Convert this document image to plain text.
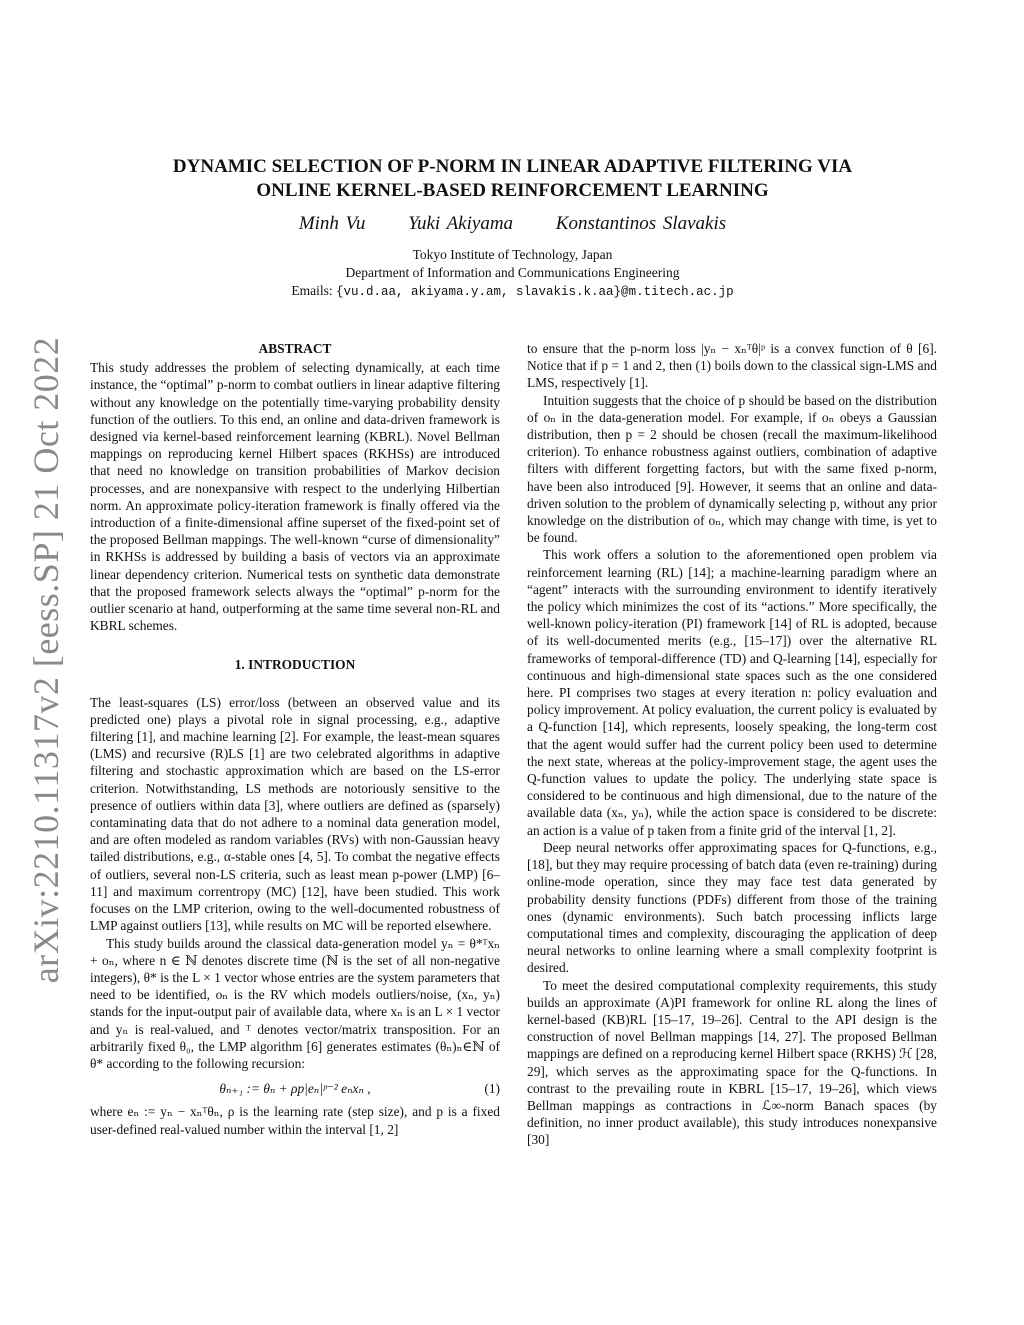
arXiv:2210.11317v2 [eess.SP] 21 Oct 2022
DYNAMIC SELECTION OF P-NORM IN LINEAR ADAPTIVE FILTERING VIA
ONLINE KERNEL-BASED REINFORCEMENT LEARNING
Minh Vu Yuki Akiyama Konstantinos Slavakis
Tokyo Institute of Technology, Japan
Department of Information and Communications Engineering
Emails: {vu.d.aa, akiyama.y.am, slavakis.k.aa}@m.titech.ac.jp
ABSTRACT

This study addresses the problem of selecting dynamically, at each time instance, the “optimal” p-norm to combat outliers in linear adaptive filtering without any knowledge on the potentially time-varying probability density function of the outliers. To this end, an online and data-driven framework is designed via kernel-based reinforcement learning (KBRL). Novel Bellman mappings on reproducing kernel Hilbert spaces (RKHSs) are introduced that need no knowledge on transition probabilities of Markov decision processes, and are nonexpansive with respect to the underlying Hilbertian norm. An approximate policy-iteration framework is finally offered via the introduction of a finite-dimensional affine superset of the fixed-point set of the proposed Bellman mappings. The well-known “curse of dimensionality” in RKHSs is addressed by building a basis of vectors via an approximate linear dependency criterion. Numerical tests on synthetic data demonstrate that the proposed framework selects always the “optimal” p-norm for the outlier scenario at hand, outperforming at the same time several non-RL and KBRL schemes.

1. INTRODUCTION

The least-squares (LS) error/loss (between an observed value and its predicted one) plays a pivotal role in signal processing, e.g., adaptive filtering [1], and machine learning [2]. For example, the least-mean squares (LMS) and recursive (R)LS [1] are two celebrated algorithms in adaptive filtering and stochastic approximation which are based on the LS-error criterion. Notwithstanding, LS methods are notoriously sensitive to the presence of outliers within data [3], where outliers are defined as (sparsely) contaminating data that do not adhere to a nominal data generation model, and are often modeled as random variables (RVs) with non-Gaussian heavy tailed distributions, e.g., α-stable ones [4, 5]. To combat the negative effects of outliers, several non-LS criteria, such as least mean p-power (LMP) [6–11] and maximum correntropy (MC) [12], have been studied. This work focuses on the LMP criterion, owing to the well-documented robustness of LMP against outliers [13], while results on MC will be reported elsewhere.

This study builds around the classical data-generation model yₙ = θ*ᵀxₙ + oₙ, where n ∈ ℕ denotes discrete time (ℕ is the set of all non-negative integers), θ* is the L × 1 vector whose entries are the system parameters that need to be identified, oₙ is the RV which models outliers/noise, (xₙ, yₙ) stands for the input-output pair of available data, where xₙ is an L × 1 vector and yₙ is real-valued, and ᵀ denotes vector/matrix transposition. For an arbitrarily fixed θ₀, the LMP algorithm [6] generates estimates (θₙ)ₙ∈ℕ of θ* according to the following recursion:

θₙ₊₁ := θₙ + ρp|eₙ|ᵖ⁻² eₙxₙ ,	(1)

where eₙ := yₙ − xₙᵀθₙ, ρ is the learning rate (step size), and p is a fixed user-defined real-valued number within the interval [1, 2]

to ensure that the p-norm loss |yₙ − xₙᵀθ|ᵖ is a convex function of θ [6]. Notice that if p = 1 and 2, then (1) boils down to the classical sign-LMS and LMS, respectively [1].

Intuition suggests that the choice of p should be based on the distribution of oₙ in the data-generation model. For example, if oₙ obeys a Gaussian distribution, then p = 2 should be chosen (recall the maximum-likelihood criterion). To enhance robustness against outliers, combination of adaptive filters with different forgetting factors, but with the same fixed p-norm, have been also introduced [9]. However, it seems that an online and data-driven solution to the problem of dynamically selecting p, without any prior knowledge on the distribution of oₙ, which may change with time, is yet to be found.

This work offers a solution to the aforementioned open problem via reinforcement learning (RL) [14]; a machine-learning paradigm where an “agent” interacts with the surrounding environment to identify iteratively the policy which minimizes the cost of its “actions.” More specifically, the well-known policy-iteration (PI) framework [14] of RL is adopted, because of its well-documented merits (e.g., [15–17]) over the alternative RL frameworks of temporal-difference (TD) and Q-learning [14], especially for continuous and high-dimensional state spaces such as the one considered here. PI comprises two stages at every iteration n: policy evaluation and policy improvement. At policy evaluation, the current policy is evaluated by a Q-function [14], which represents, loosely speaking, the long-term cost that the agent would suffer had the current policy been used to determine the next state, whereas at the policy-improvement stage, the agent uses the Q-function values to update the policy. The underlying state space is considered to be continuous and high dimensional, due to the nature of the available data (xₙ, yₙ), while the action space is considered to be discrete: an action is a value of p taken from a finite grid of the interval [1, 2].

Deep neural networks offer approximating spaces for Q-functions, e.g., [18], but they may require processing of batch data (even re-training) during online-mode operation, since they may face test data generated by probability density functions (PDFs) different from those of the training ones (dynamic environments). Such batch processing inflicts large computational times and complexity, discouraging the application of deep neural networks to online learning where a small complexity footprint is desired.

To meet the desired computational complexity requirements, this study builds an approximate (A)PI framework for online RL along the lines of kernel-based (KB)RL [15–17, 19–26]. Central to the API design is the construction of novel Bellman mappings [14, 27]. The proposed Bellman mappings are defined on a reproducing kernel Hilbert space (RKHS) ℋ [28, 29], which serves as the approximating space for the Q-functions. In contrast to the prevailing route in KBRL [15–17, 19–26], which views Bellman mappings as contractions in ℒ∞-norm Banach spaces (by definition, no inner product available), this study introduces nonexpansive [30]
